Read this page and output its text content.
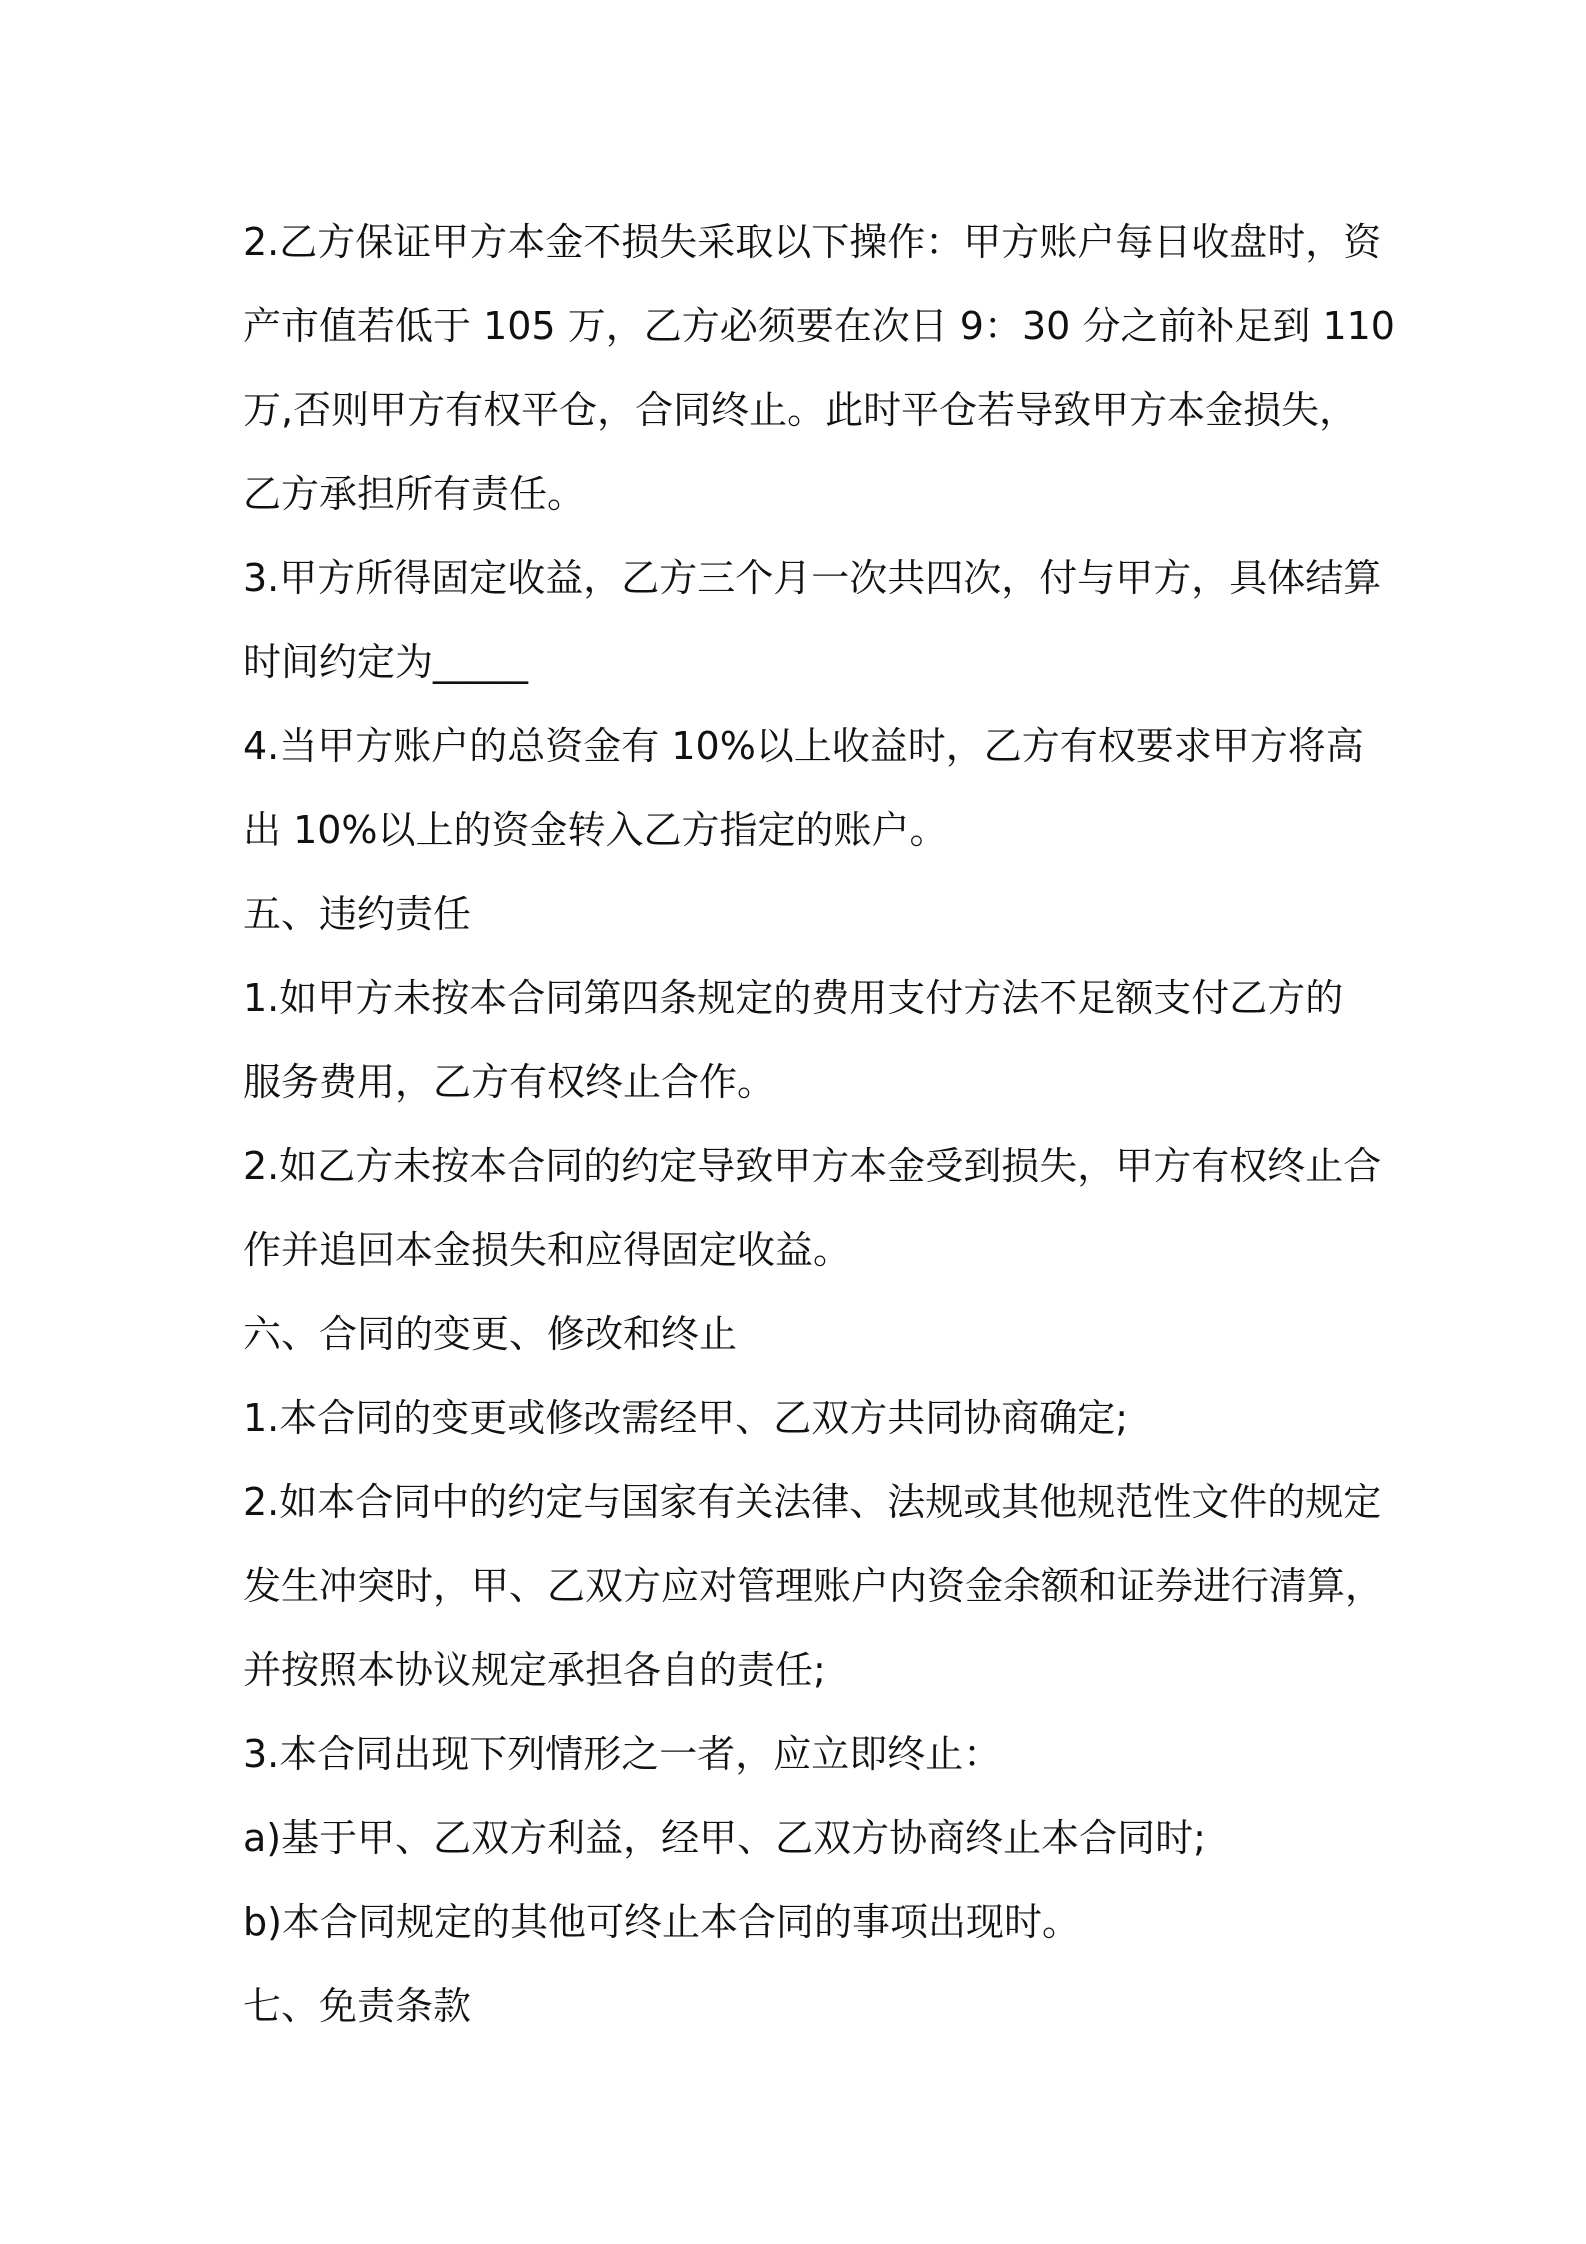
2.乙方保证甲方本金不损失采取以下操作：甲方账户每日收盘时，资
产市值若低于 105 万，乙方必须要在次日 9：30 分之前补足到 110
万,否则甲方有权平仓，合同终止。此时平仓若导致甲方本金损失，
乙方承担所有责任。
3.甲方所得固定收益，乙方三个月一次共四次，付与甲方，具体结算
时间约定为_____
4.当甲方账户的总资金有 10%以上收益时，乙方有权要求甲方将高
出 10%以上的资金转入乙方指定的账户。
五、违约责任
1.如甲方未按本合同第四条规定的费用支付方法不足额支付乙方的
服务费用，乙方有权终止合作。
2.如乙方未按本合同的约定导致甲方本金受到损失，甲方有权终止合
作并追回本金损失和应得固定收益。
六、合同的变更、修改和终止
1.本合同的变更或修改需经甲、乙双方共同协商确定;
2.如本合同中的约定与国家有关法律、法规或其他规范性文件的规定
发生冲突时，甲、乙双方应对管理账户内资金余额和证券进行清算，
并按照本协议规定承担各自的责任;
3.本合同出现下列情形之一者，应立即终止：
a)基于甲、乙双方利益，经甲、乙双方协商终止本合同时;
b)本合同规定的其他可终止本合同的事项出现时。
七、免责条款
